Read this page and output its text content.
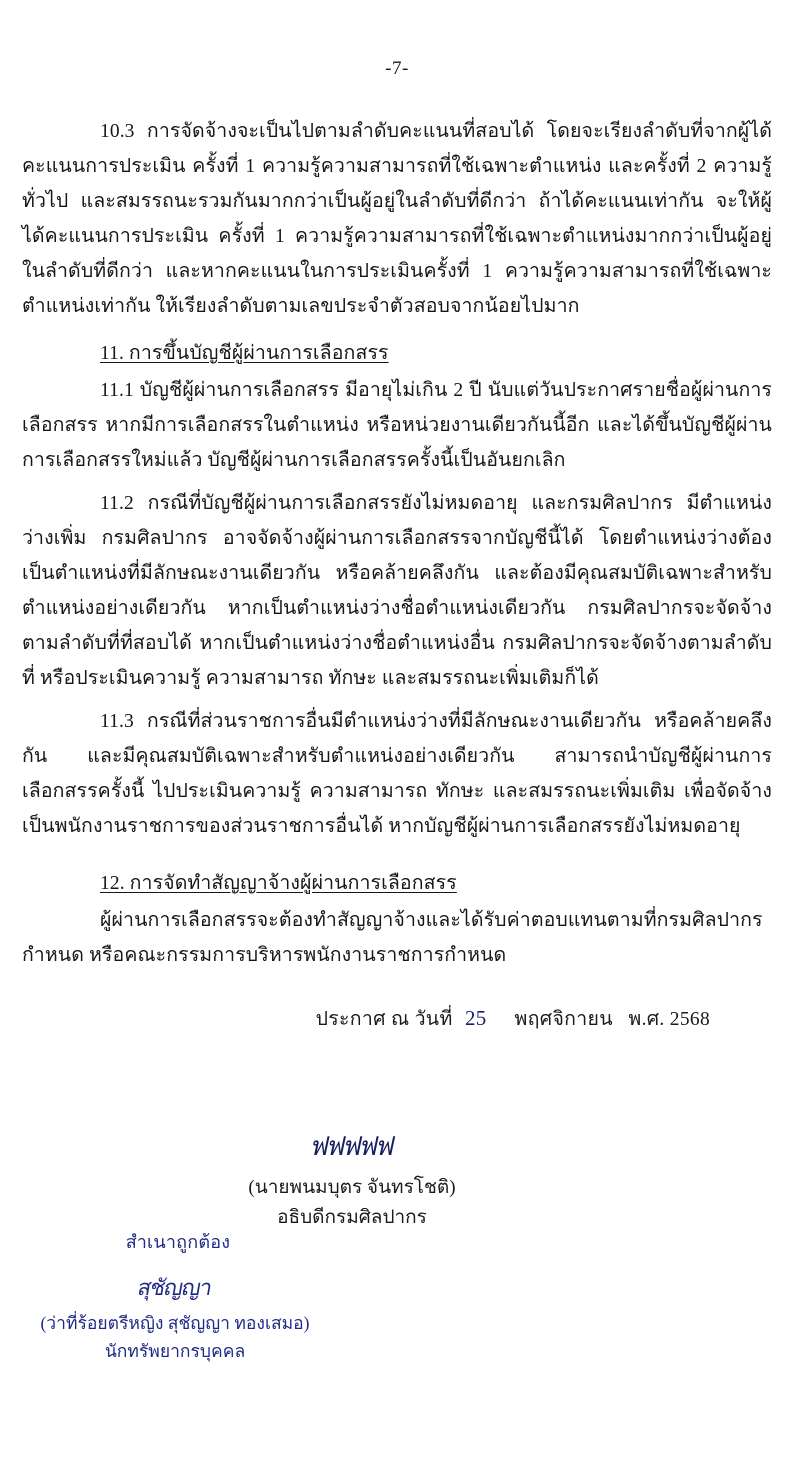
-7-

10.3 การจัดจ้างจะเป็นไปตามลำดับคะแนนที่สอบได้ โดยจะเรียงลำดับที่จากผู้ได้คะแนนการประเมิน ครั้งที่ 1 ความรู้ความสามารถที่ใช้เฉพาะตำแหน่ง และครั้งที่ 2 ความรู้ทั่วไป และสมรรถนะรวมกันมากกว่าเป็นผู้อยู่ในลำดับที่ดีกว่า ถ้าได้คะแนนเท่ากัน จะให้ผู้ได้คะแนนการประเมิน ครั้งที่ 1 ความรู้ความสามารถที่ใช้เฉพาะตำแหน่งมากกว่าเป็นผู้อยู่ในลำดับที่ดีกว่า และหากคะแนนในการประเมินครั้งที่ 1 ความรู้ความสามารถที่ใช้เฉพาะตำแหน่งเท่ากัน ให้เรียงลำดับตามเลขประจำตัวสอบจากน้อยไปมาก

11. การขึ้นบัญชีผู้ผ่านการเลือกสรร

11.1 บัญชีผู้ผ่านการเลือกสรร มีอายุไม่เกิน 2 ปี นับแต่วันประกาศรายชื่อผู้ผ่านการเลือกสรร หากมีการเลือกสรรในตำแหน่ง หรือหน่วยงานเดียวกันนี้อีก และได้ขึ้นบัญชีผู้ผ่านการเลือกสรรใหม่แล้ว บัญชีผู้ผ่านการเลือกสรรครั้งนี้เป็นอันยกเลิก

11.2 กรณีที่บัญชีผู้ผ่านการเลือกสรรยังไม่หมดอายุ และกรมศิลปากร มีตำแหน่งว่างเพิ่ม กรมศิลปากร อาจจัดจ้างผู้ผ่านการเลือกสรรจากบัญชีนี้ได้ โดยตำแหน่งว่างต้องเป็นตำแหน่งที่มีลักษณะงานเดียวกัน หรือคล้ายคลึงกัน และต้องมีคุณสมบัติเฉพาะสำหรับตำแหน่งอย่างเดียวกัน หากเป็นตำแหน่งว่างชื่อตำแหน่งเดียวกัน กรมศิลปากรจะจัดจ้างตามลำดับที่ที่สอบได้ หากเป็นตำแหน่งว่างชื่อตำแหน่งอื่น กรมศิลปากรจะจัดจ้างตามลำดับที่ หรือประเมินความรู้ ความสามารถ ทักษะ และสมรรถนะเพิ่มเติมก็ได้

11.3 กรณีที่ส่วนราชการอื่นมีตำแหน่งว่างที่มีลักษณะงานเดียวกัน หรือคล้ายคลึงกัน และมีคุณสมบัติเฉพาะสำหรับตำแหน่งอย่างเดียวกัน สามารถนำบัญชีผู้ผ่านการเลือกสรรครั้งนี้ ไปประเมินความรู้ ความสามารถ ทักษะ และสมรรถนะเพิ่มเติม เพื่อจัดจ้างเป็นพนักงานราชการของส่วนราชการอื่นได้ หากบัญชีผู้ผ่านการเลือกสรรยังไม่หมดอายุ

12. การจัดทำสัญญาจ้างผู้ผ่านการเลือกสรร

ผู้ผ่านการเลือกสรรจะต้องทำสัญญาจ้างและได้รับค่าตอบแทนตามที่กรมศิลปากรกำหนด หรือคณะกรรมการบริหารพนักงานราชการกำหนด

ประกาศ ณ วันที่ 25 พฤศจิกายน พ.ศ. 2568
ฟฟฟฟฟ
(นายพนมบุตร จันทรโชติ)
อธิบดีกรมศิลปากร
สำเนาถูกต้อง
สุชัญญา
(ว่าที่ร้อยตรีหญิง สุชัญญา ทองเสมอ)
นักทรัพยากรบุคคล
